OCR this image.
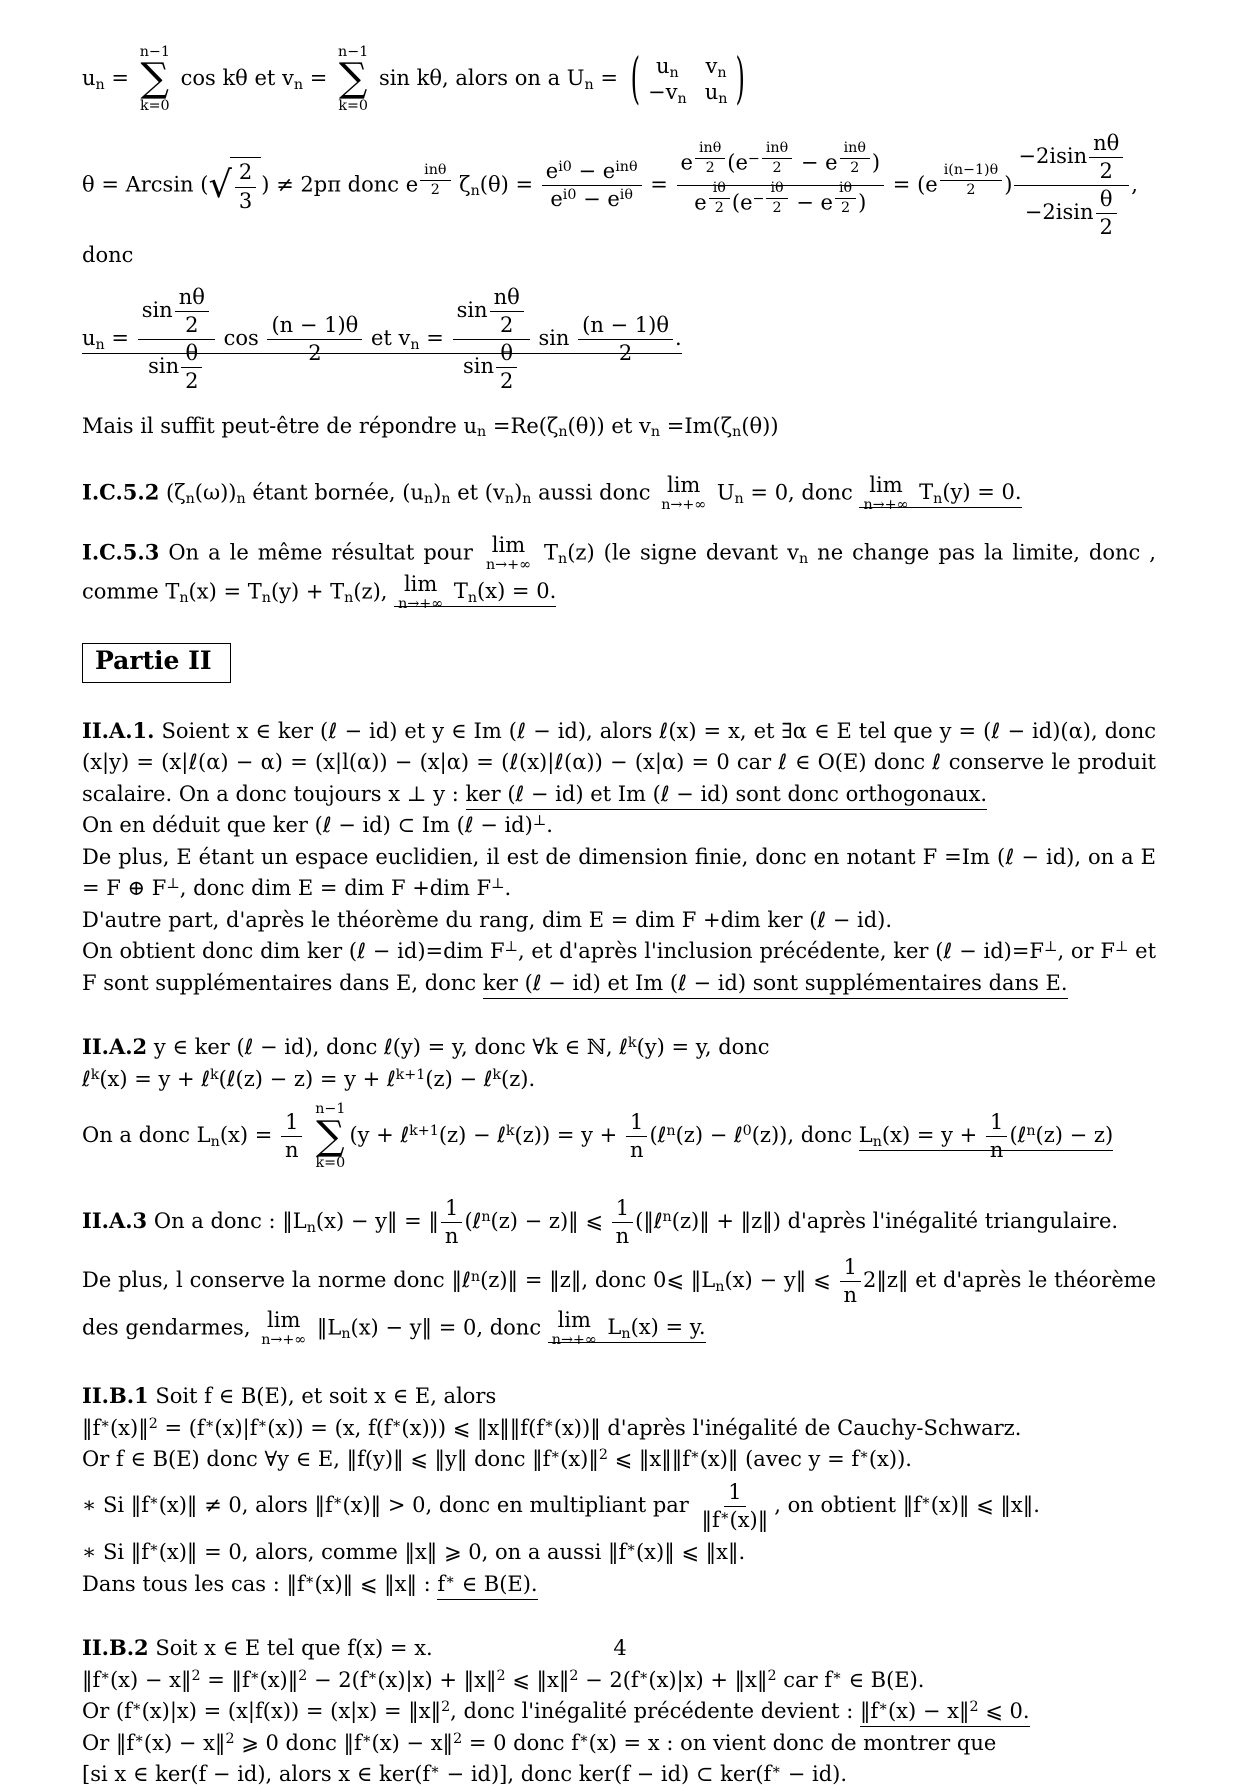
$u_n$ =
n−1
∑
k=0
cos kθ et $v_n$ =
n−1
∑
k=0
sin kθ, alors on a $U_n$ = ( $u_n$	$v_n$
$-v_n$ $u_n$ )
θ = Arcsin ( √ 2
3
) ≠ 2pπ donc e
$^{in\theta 2}$ $\zeta_n(\theta)$ =
$e^{i0} - e^{in\theta}$
$e^{i0} - e^{i\theta}$ =
e
$^{in\theta 2}$ ($e^{- in\theta 2} - e$
$^{in\theta 2}$ )
e $^{\frac{i\theta}{2}}$ ($e^{- \frac{i\theta}{2}} - e$ $^{\frac{i\theta}{2}}$ )
= (e $^{\frac{i(n-1)\theta}{2}}$ ) $\frac{-2isin \frac{n\theta}{2}}{-2isin \frac{\theta}{2}}$ , donc
$u_n = \frac{\sin \frac{n\theta}{2}}{\sin \frac{\theta}{2}}$ $\cos \frac{(n - 1)\theta}{2}$ et $v_n = \frac{\sin \frac{n\theta}{2}}{\sin \frac{\theta}{2}}$ $\sin \frac{(n - 1)\theta}{2}$ .

Mais il suffit peut-être de répondre $u_n =Re(\zeta_n(\theta))$ et $v_n =Im(\zeta_n(\theta))$

I.C.5.2 $(\zeta_n(\omega))_n$ étant bornée, $(u_n)_n$ et $(v_n)_n$ aussi donc lim
n→+∞
$U_n = 0$, donc lim
n→+∞
$T_n(y) = 0$.

I.C.5.3 On a le même résultat pour lim
n→+∞
$T_n(z)$ (le signe devant $v_n$ ne change pas la limite, donc , comme $T_n(x) = T_n(y) + T_n(z)$, lim
n→+∞
$T_n(x) = 0$.

Partie II

II.A.1. Soient x ∈ ker (ℓ − id) et y ∈ Im (ℓ − id), alors ℓ(x) = x, et ∃α ∈ E tel que y = (ℓ − id)(α), donc (x|y) = (x|ℓ(α) − α) = (x|l(α)) − (x|α) = (ℓ(x)|ℓ(α)) − (x|α) = 0 car ℓ ∈ O(E) donc ℓ conserve le produit scalaire. On a donc toujours x ⊥ y : ker (ℓ − id) et Im (ℓ − id) sont donc orthogonaux.

On en déduit que ker (ℓ − id) ⊂ Im (ℓ − id)⊥.

De plus, E étant un espace euclidien, il est de dimension finie, donc en notant F =Im (ℓ − id), on a E = F ⊕ F⊥, donc dim E = dim F +dim F⊥.

D'autre part, d'après le théorème du rang, dim E = dim F +dim ker (ℓ − id).

On obtient donc dim ker (ℓ − id)=dim F⊥, et d'après l'inclusion précédente, ker (ℓ − id)=F⊥, or F⊥ et F sont supplémentaires dans E, donc ker (ℓ − id) et Im (ℓ − id) sont supplémentaires dans E.

II.A.2 y ∈ ker (ℓ − id), donc ℓ(y) = y, donc ∀k ∈ ℕ, ℓ$^k$(y) = y, donc

ℓ$^k$(x) = y + ℓ$^k$(ℓ(z) − z) = y + ℓ$^{k+1}$(z) − ℓ$^k$(z).

On a donc $L_n(x) = \frac{1}{n}$

n−1
∑
k=0
(y + ℓ$^{k+1}$(z) − ℓ$^k$(z)) = $y + \frac{1}{n}$ (ℓ$^n$(z) − ℓ$^0$(z)), donc $L_n(x) = y + \frac{1}{n}$ (ℓ$^n$(z) − z)

II.A.3 On a donc : $‖L_n(x)$ − y‖ = ‖ $\frac{1}{n}$ (ℓ$^n$(z) − z)‖ ⩽ $\frac{1}{n}$ (‖ℓ$^n$(z)‖ + ‖z‖) d'après l'inégalité triangulaire.

De plus, l conserve la norme donc ‖ℓ$^n$(z)‖ = ‖z‖, donc 0⩽ $‖L_n(x)$ − y‖ ⩽ $\frac{1}{n}$ 2‖z‖ et d'après le théorème des gendarmes, lim
n→+∞
$‖L_n(x)$ − y‖ = 0, donc lim
n→+∞
$L_n(x) = y$.

II.B.1 Soit f ∈ B(E), et soit x ∈ E, alors

‖f∗(x)‖$^2$ = (f∗(x)|f∗(x)) = (x, f(f∗(x))) ⩽ ‖x‖‖f(f∗(x))‖ d'après l'inégalité de Cauchy-Schwarz.

Or f ∈ B(E) donc ∀y ∈ E, ‖f(y)‖ ⩽ ‖y‖ donc ‖f∗(x)‖$^2$ ⩽ ‖x‖‖f∗(x)‖ (avec y = f∗(x)).

∗ Si ‖f∗(x)‖ ≠ 0, alors ‖f∗(x)‖ > 0, donc en multipliant par $\frac{1}{‖f^∗(x)‖}$ , on obtient ‖f∗(x)‖ ⩽ ‖x‖.

∗ Si ‖f∗(x)‖ = 0, alors, comme ‖x‖ ⩾ 0, on a aussi ‖f∗(x)‖ ⩽ ‖x‖.

Dans tous les cas : ‖f∗(x)‖ ⩽ ‖x‖ : f∗ ∈ B(E).

II.B.2 Soit x ∈ E tel que f(x) = x.

‖f∗(x) − x‖$^2$ = ‖f∗(x)‖$^2$ − 2(f∗(x)|x) + ‖x‖$^2$ ⩽ ‖x‖$^2$ − 2(f∗(x)|x) + ‖x‖$^2$ car f∗ ∈ B(E).

Or (f∗(x)|x) = (x|f(x)) = (x|x) = ‖x‖$^2$, donc l'inégalité précédente devient : ‖f∗(x) − x‖$^2$ ⩽ 0.

Or ‖f∗(x) − x‖$^2$ ⩾ 0 donc ‖f∗(x) − x‖$^2$ = 0 donc f∗(x) = x : on vient donc de montrer que

[si x ∈ ker(f − id), alors x ∈ ker(f∗ − id)], donc ker(f − id) ⊂ ker(f∗ − id).

4
